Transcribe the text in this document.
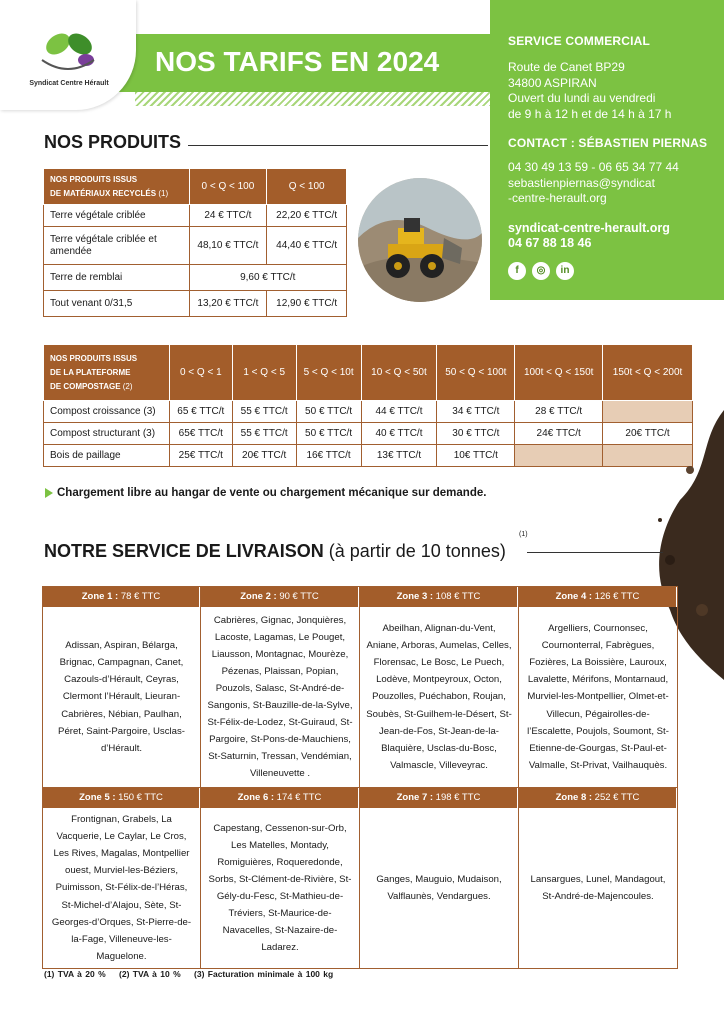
Syndicat Centre Hérault
NOS TARIFS EN 2024
SERVICE COMMERCIAL
Route de Canet BP29
34800 ASPIRAN
Ouvert du lundi au vendredi
de 9 h à 12 h et de 14 h à 17 h
CONTACT : SÉBASTIEN PIERNAS
04 30 49 13 59 - 06 65 34 77 44
sebastienpiernas@syndicat
-centre-herault.org
syndicat-centre-herault.org
04 67 88 18 46
f	◎	in
NOS PRODUITS
NOS PRODUITS ISSUS
DE MATÉRIAUX RECYCLÉS (1)	0 < Q < 100	Q < 100
Terre végétale criblée	24 € TTC/t	22,20 € TTC/t
Terre végétale criblée et amendée	48,10 € TTC/t	44,40 € TTC/t
Terre de remblai	9,60 € TTC/t	
Tout venant 0/31,5	13,20 € TTC/t	12,90 € TTC/t
NOS PRODUITS ISSUS
DE LA PLATEFORME
DE COMPOSTAGE (2)	0 < Q < 1	1 < Q < 5	5 < Q < 10t	10 < Q < 50t	50 < Q < 100t	100t < Q < 150t	150t < Q < 200t
Compost croissance (3)	65 € TTC/t	55 € TTC/t	50 € TTC/t	44 € TTC/t	34 € TTC/t	28 € TTC/t	
Compost structurant (3)	65€ TTC/t	55 € TTC/t	50 € TTC/t	40 € TTC/t	30 € TTC/t	24€ TTC/t	20€ TTC/t
Bois de paillage	25€ TTC/t	20€ TTC/t	16€ TTC/t	13€ TTC/t	10€ TTC/t		
Chargement libre au hangar de vente ou chargement mécanique sur demande.
NOTRE SERVICE DE LIVRAISON (à partir de 10 tonnes)
(1)
Zone 1 : 78 € TTC
Adissan, Aspiran, Bélarga, Brignac, Campagnan, Canet, Cazouls-d’Hérault, Ceyras, Clermont l’Hérault, Lieuran-Cabrières, Nébian, Paulhan, Péret, Saint-Pargoire, Usclas-d’Hérault.
Zone 2 : 90 € TTC
Cabrières, Gignac, Jonquières, Lacoste, Lagamas, Le Pouget, Liausson, Montagnac, Mourèze, Pézenas, Plaissan, Popian, Pouzols, Salasc, St-André-de-Sangonis, St-Bauzille-de-la-Sylve, St-Félix-de-Lodez, St-Guiraud, St-Pargoire, St-Pons-de-Mauchiens, St-Saturnin, Tressan, Vendémian, Villeneuvette .
Zone 3 : 108 € TTC
Abeilhan, Alignan-du-Vent, Aniane, Arboras, Aumelas, Celles, Florensac, Le Bosc, Le Puech, Lodève, Montpeyroux, Octon, Pouzolles, Puéchabon, Roujan, Soubès, St-Guilhem-le-Désert, St-Jean-de-Fos, St-Jean-de-la-Blaquière, Usclas-du-Bosc, Valmascle, Villeveyrac.
Zone 4 : 126 € TTC
Argelliers, Cournonsec, Cournonterral, Fabrègues, Fozières, La Boissière, Lauroux, Lavalette, Mérifons, Montarnaud, Murviel-les-Montpellier, Olmet-et-Villecun, Pégairolles-de-l’Escalette, Poujols, Soumont, St-Etienne-de-Gourgas, St-Paul-et-Valmalle, St-Privat, Vailhauquès.
Zone 5 : 150 € TTC
Frontignan, Grabels, La Vacquerie, Le Caylar, Le Cros, Les Rives, Magalas, Montpellier ouest, Murviel-les-Béziers, Puimisson, St-Félix-de-l’Héras, St-Michel-d’Alajou, Sète, St-Georges-d’Orques, St-Pierre-de-la-Fage, Villeneuve-les-Maguelone.
Zone 6 : 174 € TTC
Capestang, Cessenon-sur-Orb, Les Matelles, Montady, Romiguières, Roqueredonde, Sorbs, St-Clément-de-Rivière, St-Gély-du-Fesc, St-Mathieu-de-Tréviers, St-Maurice-de-Navacelles, St-Nazaire-de-Ladarez.
Zone 7 : 198 € TTC
Ganges, Mauguio, Mudaison, Valflaunès, Vendargues.
Zone 8 : 252 € TTC
Lansargues, Lunel, Mandagout, St-André-de-Majencoules.
(1) TVA à 20 % (2) TVA à 10 % (3) Facturation minimale à 100 kg
